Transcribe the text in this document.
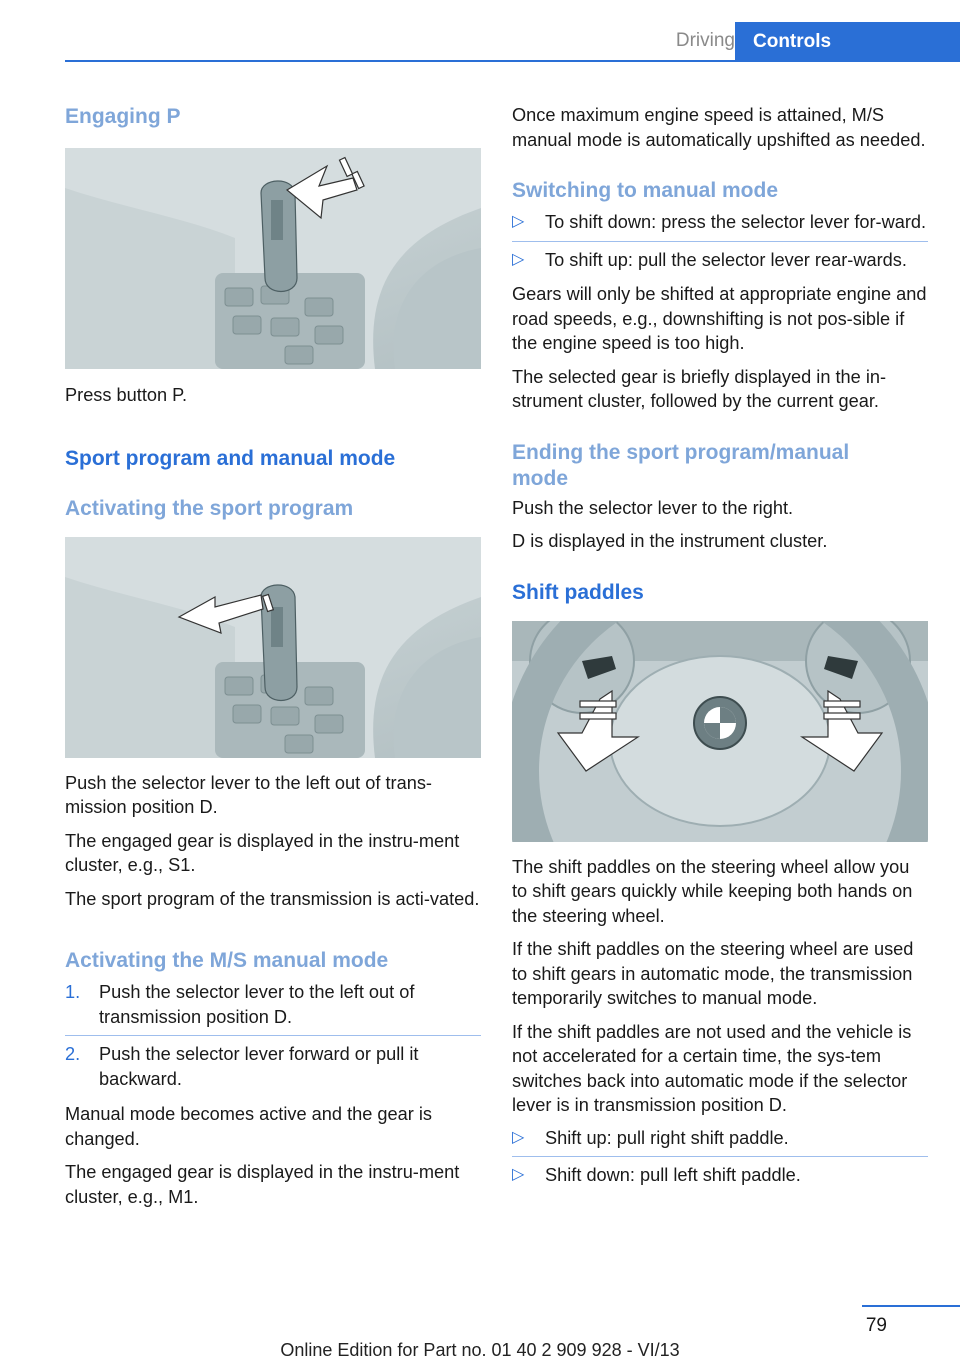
Driving Controls
Engaging P

Press button P.

Sport program and manual mode
Activating the sport program

Push the selector lever to the left out of trans‐mission position D.

The engaged gear is displayed in the instru‐ment cluster, e.g., S1.

The sport program of the transmission is acti‐vated.

Activating the M/S manual mode
1.	Push the selector lever to the left out of transmission position D.
2.	Push the selector lever forward or pull it backward.

Manual mode becomes active and the gear is changed.

The engaged gear is displayed in the instru‐ment cluster, e.g., M1.

Once maximum engine speed is attained, M/S manual mode is automatically upshifted as needed.

Switching to manual mode
▷	To shift down: press the selector lever for‐ward.
▷	To shift up: pull the selector lever rear‐wards.

Gears will only be shifted at appropriate engine and road speeds, e.g., downshifting is not pos‐sible if the engine speed is too high.

The selected gear is briefly displayed in the in‐strument cluster, followed by the current gear.

Ending the sport program/manual mode

Push the selector lever to the right.

D is displayed in the instrument cluster.

Shift paddles

The shift paddles on the steering wheel allow you to shift gears quickly while keeping both hands on the steering wheel.

If the shift paddles on the steering wheel are used to shift gears in automatic mode, the transmission temporarily switches to manual mode.

If the shift paddles are not used and the vehicle is not accelerated for a certain time, the sys‐tem switches back into automatic mode if the selector lever is in transmission position D.

▷	Shift up: pull right shift paddle.
▷	Shift down: pull left shift paddle.
79
Online Edition for Part no. 01 40 2 909 928 - VI/13
